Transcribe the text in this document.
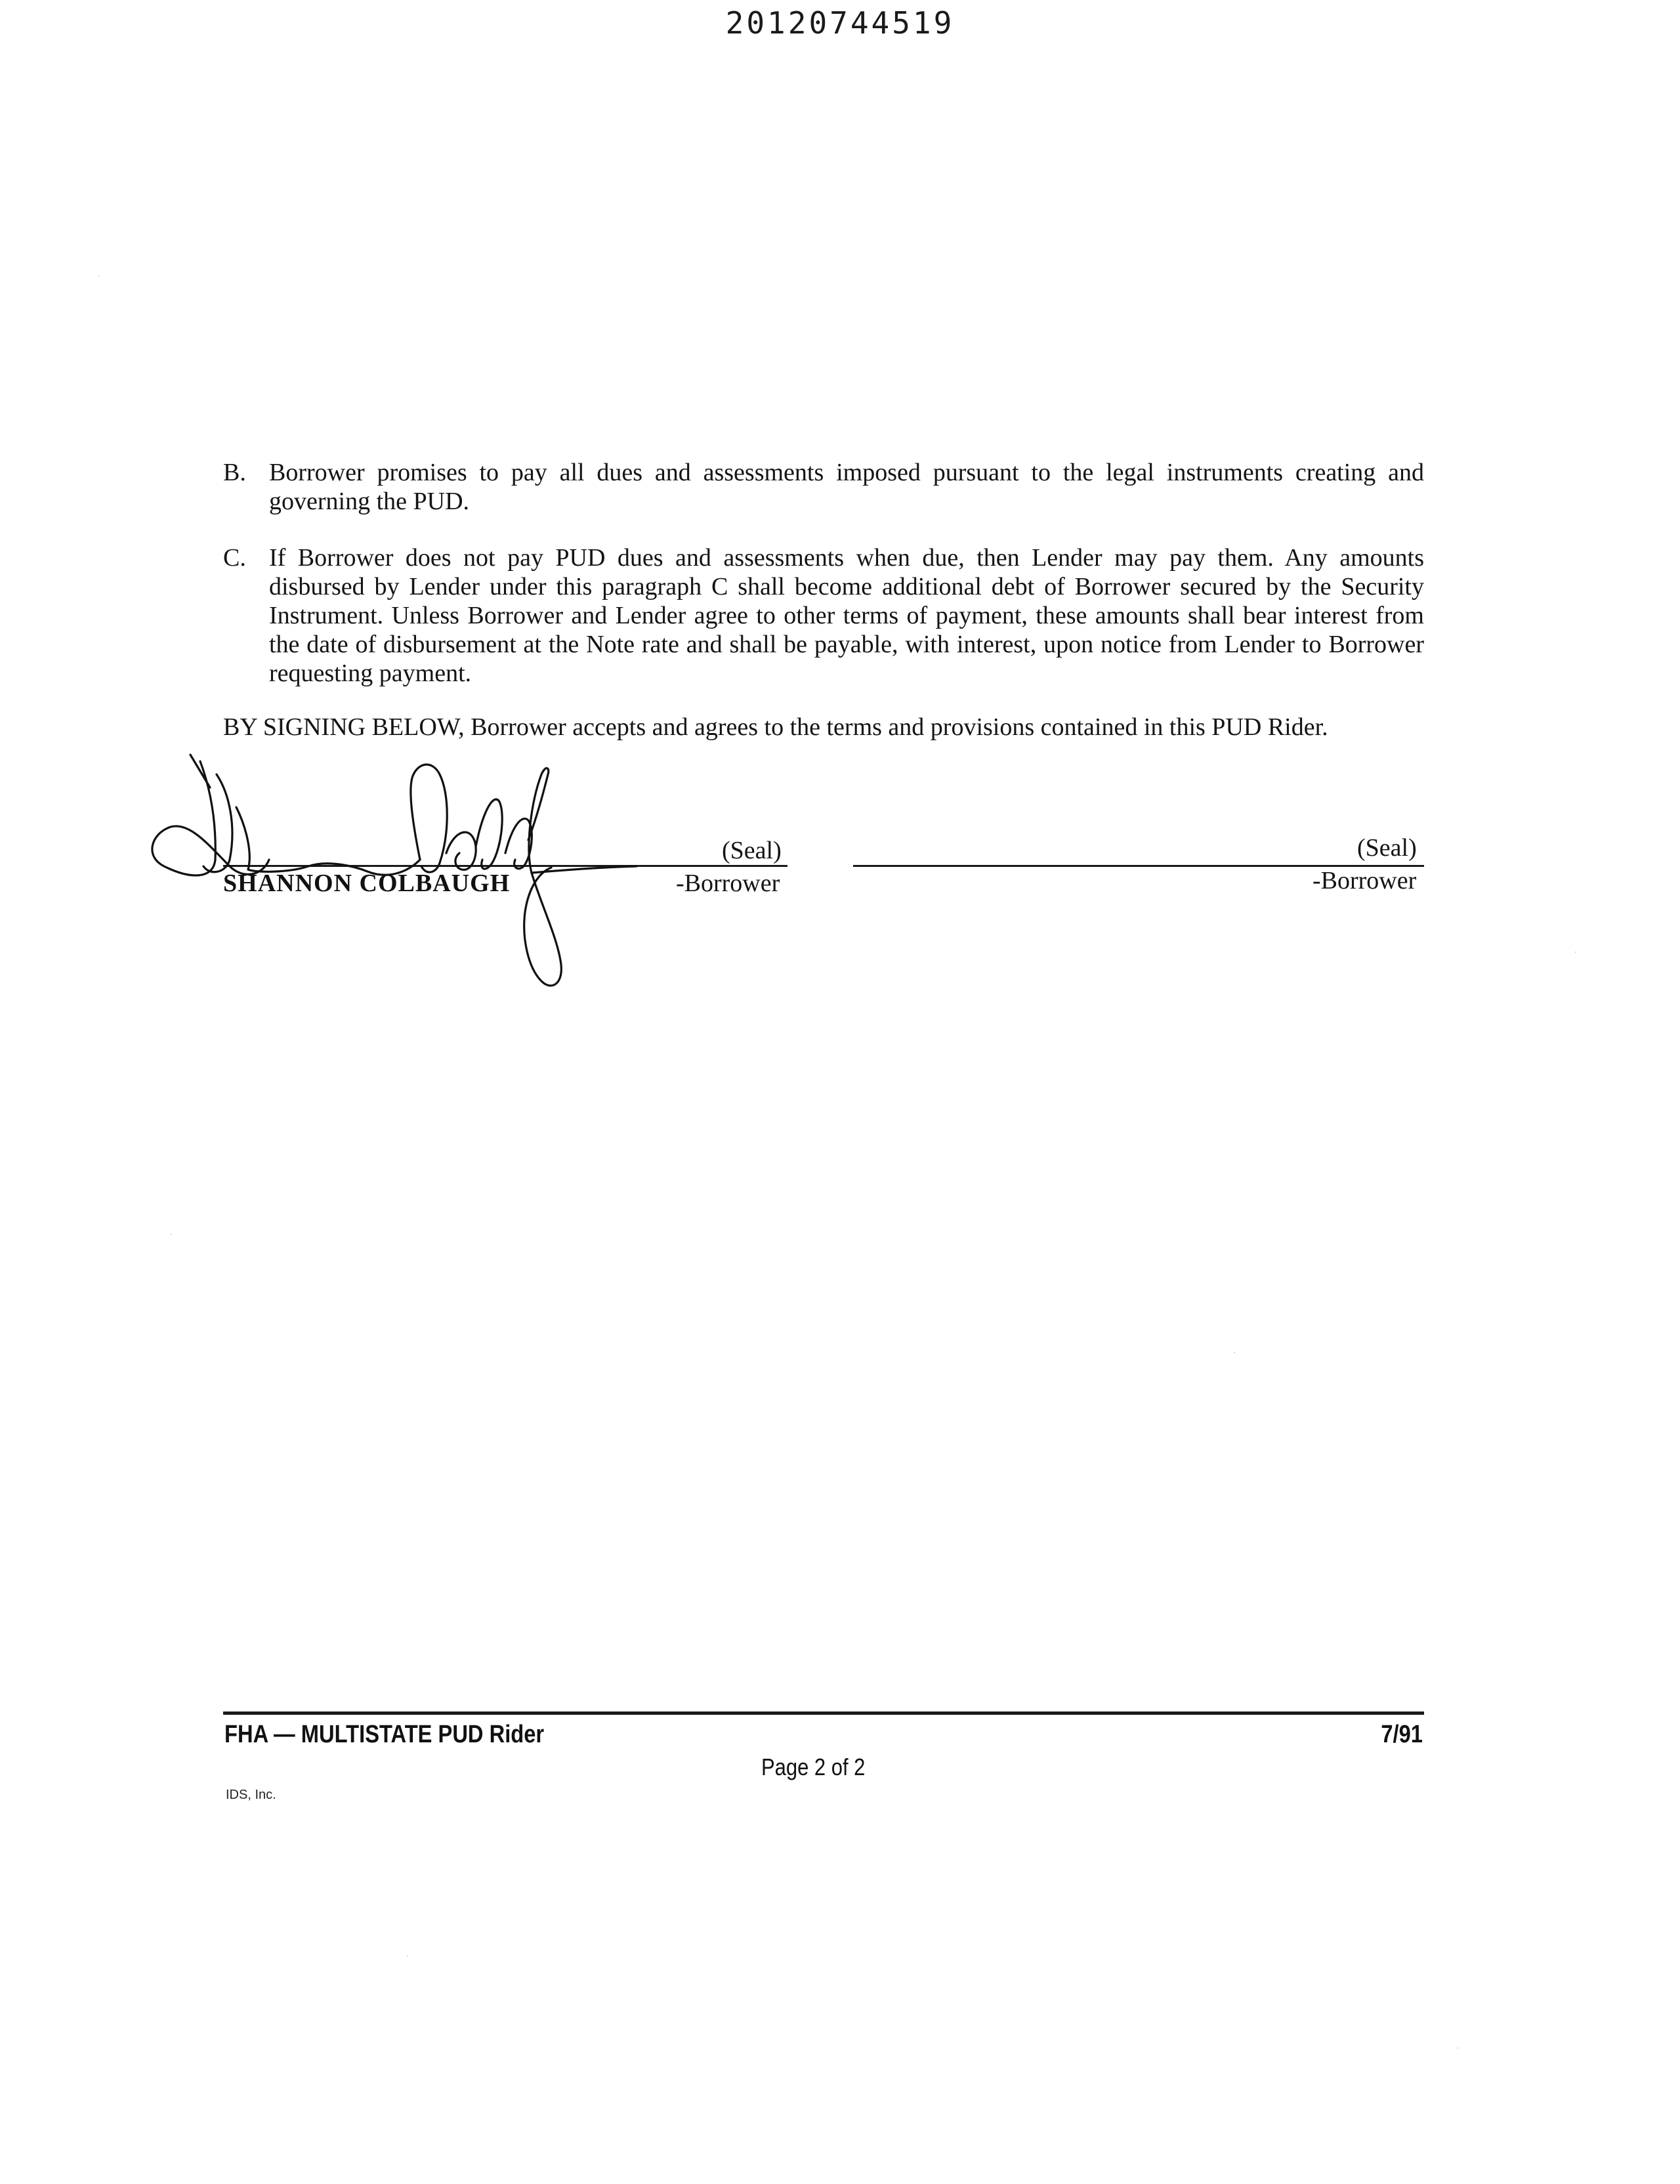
20120744519
B. Borrower promises to pay all dues and assessments imposed pursuant to the legal instruments creating and governing the PUD.
C. If Borrower does not pay PUD dues and assessments when due, then Lender may pay them. Any amounts disbursed by Lender under this paragraph C shall become additional debt of Borrower secured by the Security Instrument. Unless Borrower and Lender agree to other terms of payment, these amounts shall bear interest from the date of disbursement at the Note rate and shall be payable, with interest, upon notice from Lender to Borrower requesting payment.
BY SIGNING BELOW, Borrower accepts and agrees to the terms and provisions contained in this PUD Rider.
(Seal)
SHANNON COLBAUGH	-Borrower
(Seal)
-Borrower
FHA — MULTISTATE PUD Rider	7/91
Page 2 of 2
IDS, Inc.
